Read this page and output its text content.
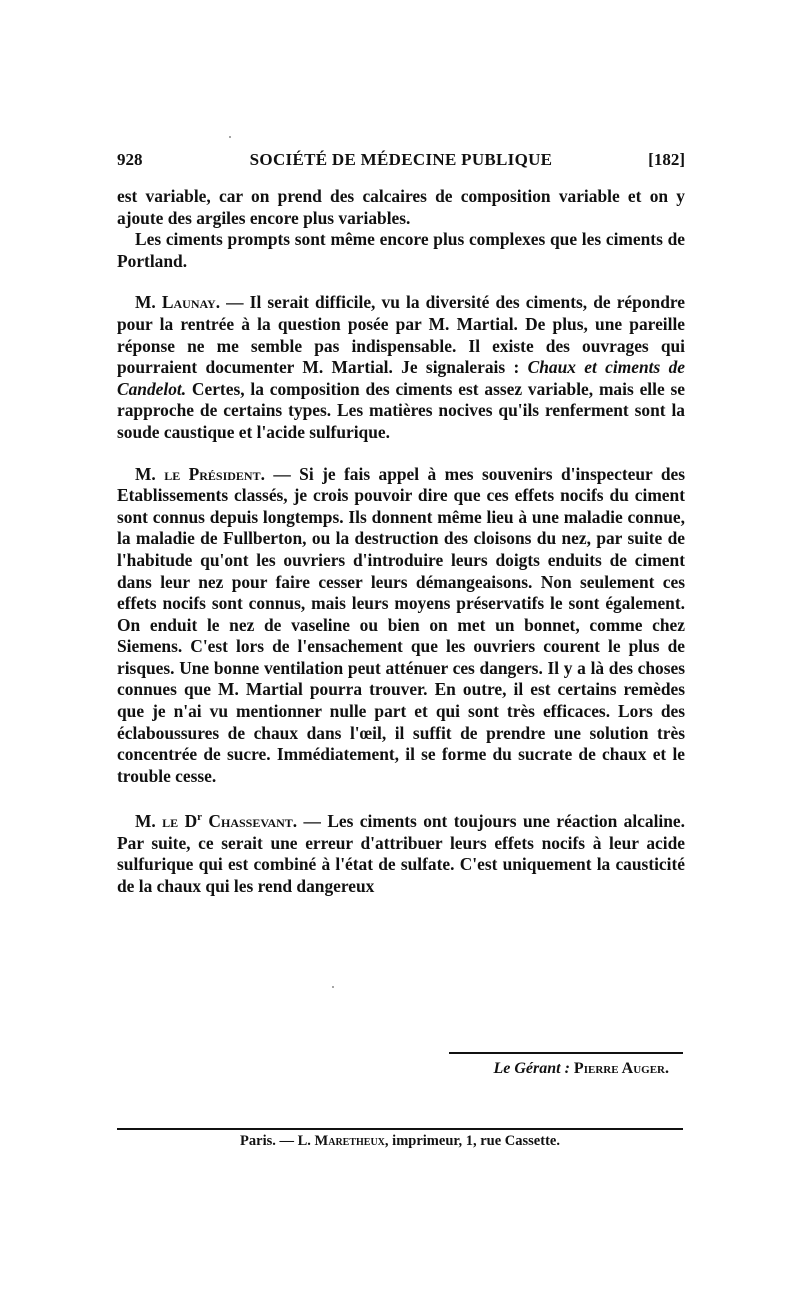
928	SOCIÉTÉ DE MÉDECINE PUBLIQUE	[182]

est variable, car on prend des calcaires de composition variable et on y ajoute des argiles encore plus variables.

Les ciments prompts sont même encore plus complexes que les ciments de Portland.

M. Launay. — Il serait difficile, vu la diversité des ciments, de répondre pour la rentrée à la question posée par M. Martial. De plus, une pareille réponse ne me semble pas indispensable. Il existe des ouvrages qui pourraient documenter M. Martial. Je signalerais : Chaux et ciments de Candelot. Certes, la composition des ciments est assez variable, mais elle se rapproche de certains types. Les matières nocives qu'ils renferment sont la soude caustique et l'acide sulfurique.

M. le Président. — Si je fais appel à mes souvenirs d'inspecteur des Etablissements classés, je crois pouvoir dire que ces effets nocifs du ciment sont connus depuis longtemps. Ils donnent même lieu à une maladie connue, la maladie de Fullberton, ou la destruction des cloisons du nez, par suite de l'habitude qu'ont les ouvriers d'introduire leurs doigts enduits de ciment dans leur nez pour faire cesser leurs démangeaisons. Non seulement ces effets nocifs sont connus, mais leurs moyens préservatifs le sont également. On enduit le nez de vaseline ou bien on met un bonnet, comme chez Siemens. C'est lors de l'ensachement que les ouvriers courent le plus de risques. Une bonne ventilation peut atténuer ces dangers. Il y a là des choses connues que M. Martial pourra trouver. En outre, il est certains remèdes que je n'ai vu mentionner nulle part et qui sont très efficaces. Lors des éclaboussures de chaux dans l'œil, il suffit de prendre une solution très concentrée de sucre. Immédiatement, il se forme du sucrate de chaux et le trouble cesse.

M. le $D^r$ Chassevant. — Les ciments ont toujours une réaction alcaline. Par suite, ce serait une erreur d'attribuer leurs effets nocifs à leur acide sulfurique qui est combiné à l'état de sulfate. C'est uniquement la causticité de la chaux qui les rend dangereux

Le Gérant : Pierre Auger.
Paris. — L. Maretheux, imprimeur, 1, rue Cassette.
